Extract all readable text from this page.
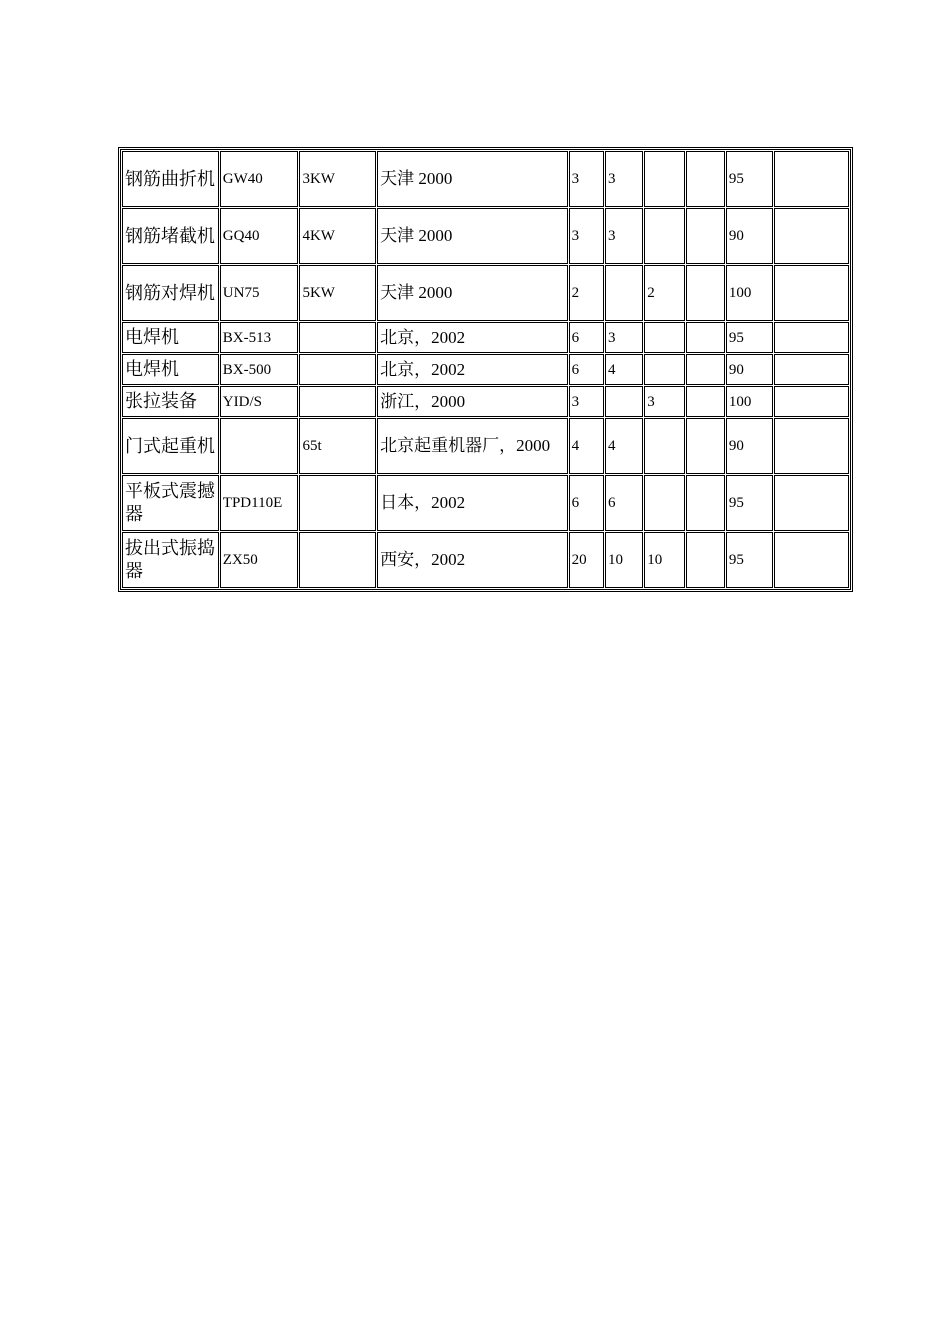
钢筋曲折机	GW40	3KW	天津 2000	3	3			95	
钢筋堵截机	GQ40	4KW	天津 2000	3	3			90	
钢筋对焊机	UN75	5KW	天津 2000	2		2		100	
电焊机	BX-513		北京，2002	6	3			95	
电焊机	BX-500		北京，2002	6	4			90	
张拉装备	YID/S		浙江，2000	3		3		100	
门式起重机		65t	北京起重机器厂，2000	4	4			90	
平板式震撼器	TPD110E		日本，2002	6	6			95	
拔出式振捣器	ZX50		西安，2002	20	10	10		95	
